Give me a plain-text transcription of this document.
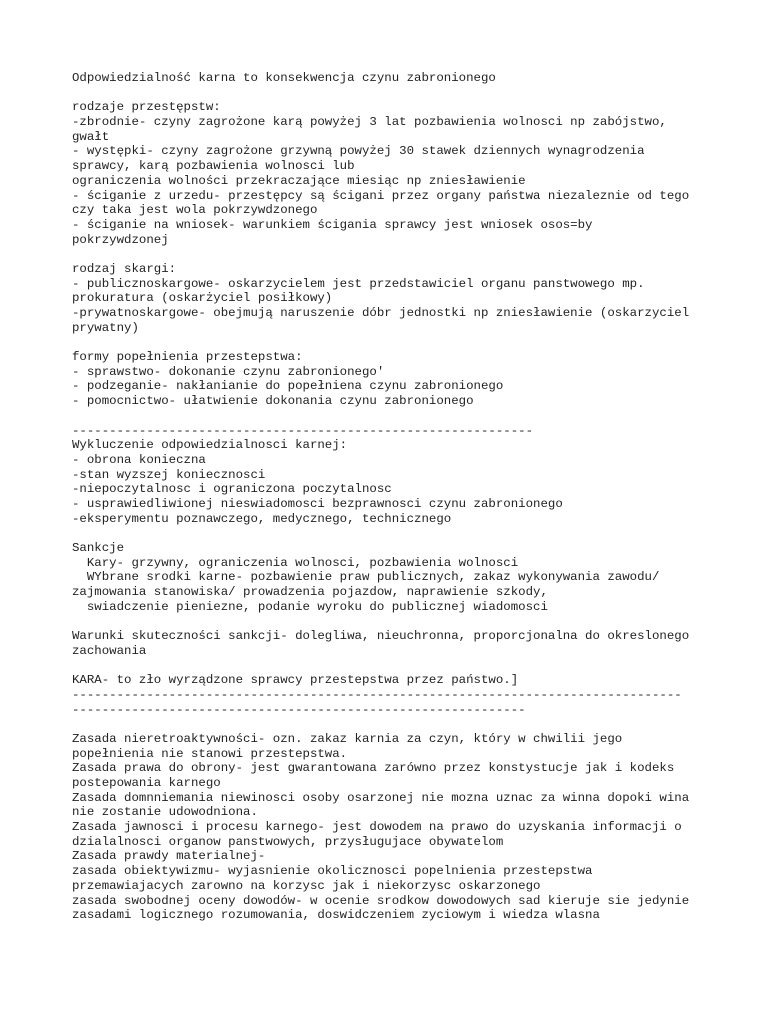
Odpowiedzialność karna to konsekwencja czynu zabronionego
rodzaje przestępstw:
-zbrodnie- czyny zagrożone karą powyżej 3 lat pozbawienia wolnosci np zabójstwo,
gwałt
- występki- czyny zagrożone grzywną powyżej 30 stawek dziennych wynagrodzenia
sprawcy, karą pozbawienia wolnosci lub
ograniczenia wolności przekraczające miesiąc np zniesławienie
- ściganie z urzedu- przestępcy są ścigani przez organy państwa niezaleznie od tego
czy taka jest wola pokrzywdzonego
- ściganie na wniosek- warunkiem ścigania sprawcy jest wniosek osos=by
pokrzywdzonej
rodzaj skargi:
- publicznoskargowe- oskarzycielem jest przedstawiciel organu panstwowego mp.
prokuratura (oskarżyciel posiłkowy)
-prywatnoskargowe- obejmują naruszenie dóbr jednostki np zniesławienie (oskarzyciel
prywatny)
formy popełnienia przestepstwa:
- sprawstwo- dokonanie czynu zabronionego'
- podzeganie- nakłanianie do popełniena czynu zabronionego
- pomocnictwo- ułatwienie dokonania czynu zabronionego
--------------------------------------------------------------
Wykluczenie odpowiedzialnosci karnej:
- obrona konieczna
-stan wyzszej koniecznosci
-niepoczytalnosc i ograniczona poczytalnosc
- usprawiedliwionej nieswiadomosci bezprawnosci czynu zabronionego
-eksperymentu poznawczego, medycznego, technicznego
Sankcje
Kary- grzywny, ograniczenia wolnosci, pozbawienia wolnosci
WYbrane srodki karne- pozbawienie praw publicznych, zakaz wykonywania zawodu/
zajmowania stanowiska/ prowadzenia pojazdow, naprawienie szkody,
swiadczenie pieniezne, podanie wyroku do publicznej wiadomosci
Warunki skuteczności sankcji- dolegliwa, nieuchronna, proporcjonalna do okreslonego
zachowania
KARA- to zło wyrządzone sprawcy przestepstwa przez państwo.]
----------------------------------------------------------------------------------
-------------------------------------------------------------
Zasada nieretroaktywności- ozn. zakaz karnia za czyn, który w chwilii jego
popełnienia nie stanowi przestepstwa.
Zasada prawa do obrony- jest gwarantowana zarówno przez konstystucje jak i kodeks
postepowania karnego
Zasada domnniemania niewinosci osoby osarzonej nie mozna uznac za winna dopoki wina
nie zostanie udowodniona.
Zasada jawnosci i procesu karnego- jest dowodem na prawo do uzyskania informacji o
dzialalnosci organow panstwowych, przysługujace obywatelom
Zasada prawdy materialnej-
zasada obiektywizmu- wyjasnienie okolicznosci popelnienia przestepstwa
przemawiajacych zarowno na korzysc jak i niekorzysc oskarzonego
zasada swobodnej oceny dowodów- w ocenie srodkow dowodowych sad kieruje sie jedynie
zasadami logicznego rozumowania, doswidczeniem zyciowym i wiedza wlasna
